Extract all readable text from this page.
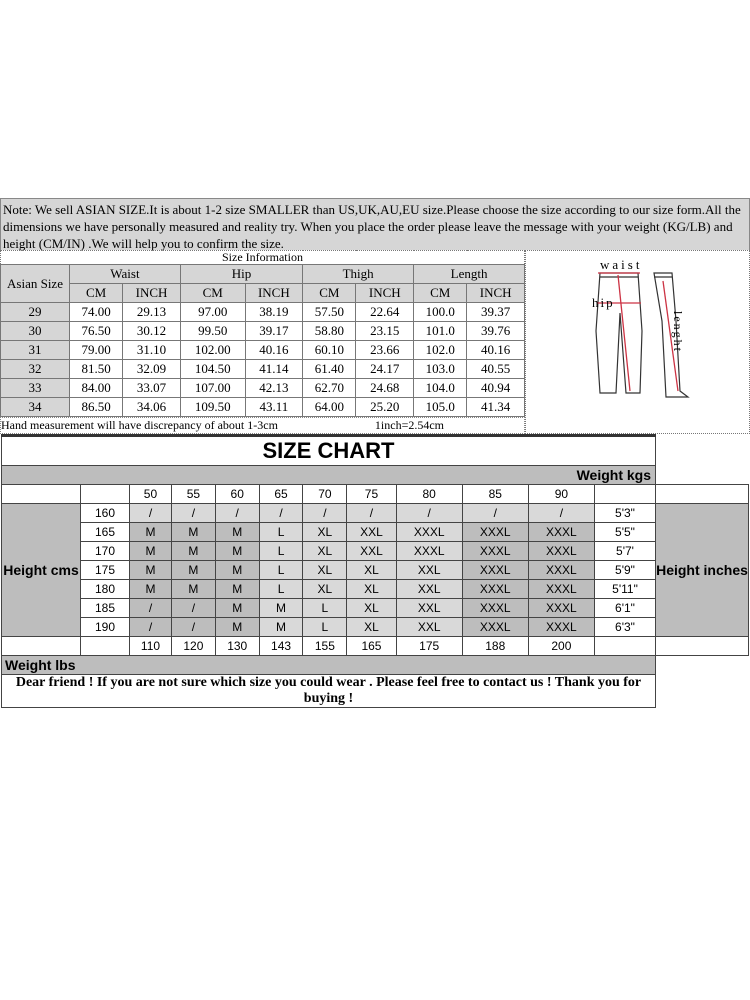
Note: We sell ASIAN SIZE.It is about 1-2 size SMALLER than US,UK,AU,EU size.Please choose the size according to our size form.All the dimensions we have personally measured and reality try. When you place the order please leave the message with your weight (KG/LB) and height (CM/IN) .We will help you to confirm the size.
Size Information								
Asian Size	Waist		Hip		Thigh		Length	
	CM	INCH	CM	INCH	CM	INCH	CM	INCH
29	74.00	29.13	97.00	38.19	57.50	22.64	100.0	39.37
30	76.50	30.12	99.50	39.17	58.80	23.15	101.0	39.76
31	79.00	31.10	102.00	40.16	60.10	23.66	102.0	40.16
32	81.50	32.09	104.50	41.14	61.40	24.17	103.0	40.55
33	84.00	33.07	107.00	42.13	62.70	24.68	104.0	40.94
34	86.50	34.06	109.50	43.11	64.00	25.20	105.0	41.34
Hand measurement will have discrepancy of about 1-3cm	1inch=2.54cm
waist
hip
lenght
SIZE CHART												
Weight kgs												
		50	55	60	65	70	75	80	85	90		
Height cms	160	/	/	/	/	/	/	/	/	/	5'3"	Height inches
	165	M	M	M	L	XL	XXL	XXXL	XXXL	XXXL	5'5"	
	170	M	M	M	L	XL	XXL	XXXL	XXXL	XXXL	5'7'	
	175	M	M	M	L	XL	XL	XXL	XXXL	XXXL	5'9"	
	180	M	M	M	L	XL	XL	XXL	XXXL	XXXL	5'11"	
	185	/	/	M	M	L	XL	XXL	XXXL	XXXL	6'1"	
	190	/	/	M	M	L	XL	XXL	XXXL	XXXL	6'3"	
		110	120	130	143	155	165	175	188	200		
Weight lbs												
Dear friend ! If you are not sure which size you could wear . Please feel free to contact us ! Thank you for buying !												
